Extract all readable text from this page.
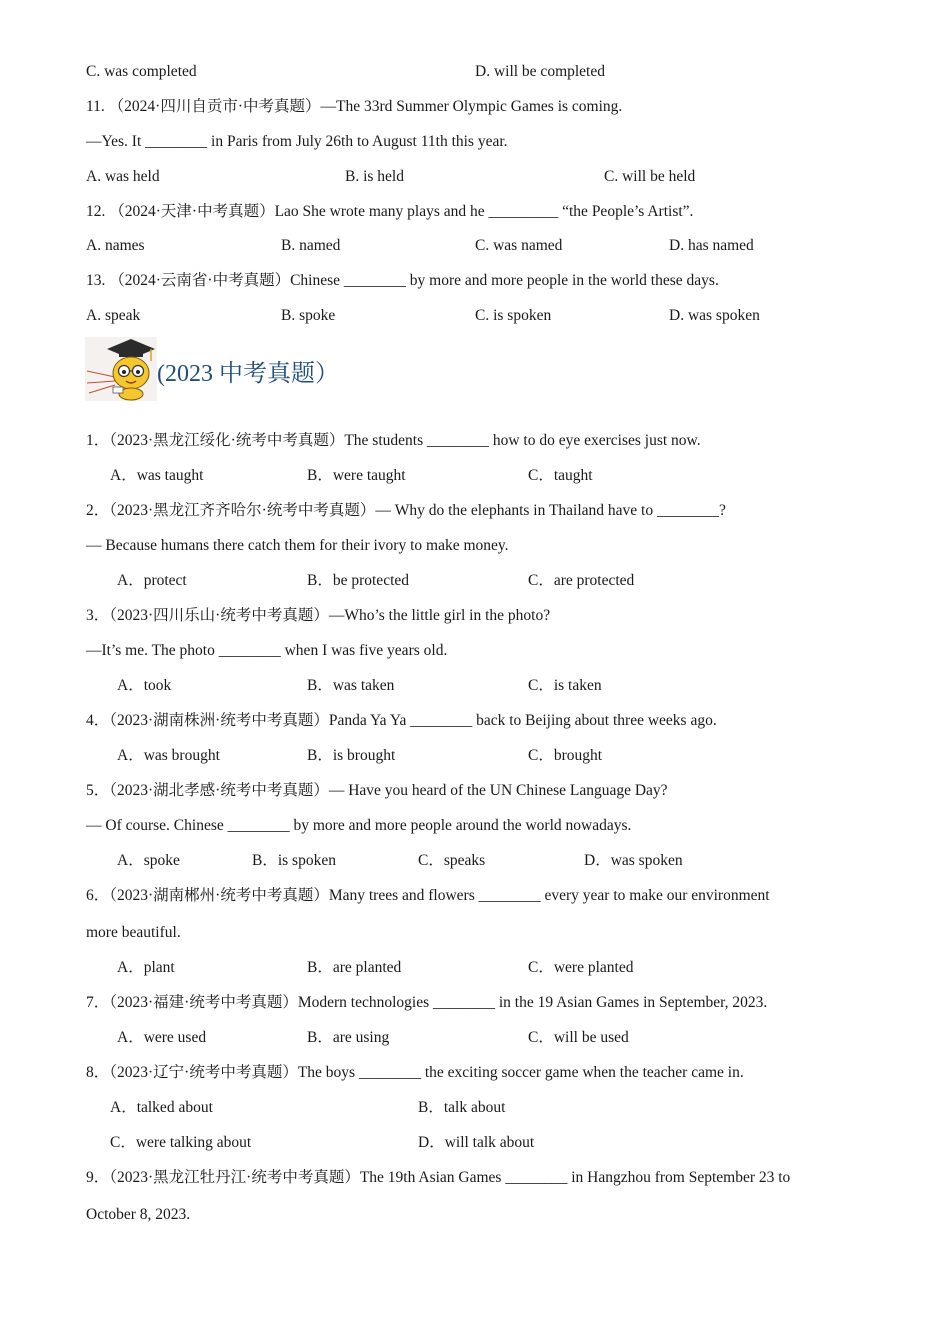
C. was completed	D. will be completed
11. （2024·四川自贡市·中考真题）—The 33rd Summer Olympic Games is coming.
—Yes. It ________ in Paris from July 26th to August 11th this year.
A. was held	B. is held	C. will be held
12. （2024·天津·中考真题）Lao She wrote many plays and he _________ “the People’s Artist”.
A. names	B. named	C. was named	D. has named
13. （2024·云南省·中考真题）Chinese ________ by more and more people in the world these days.
A. speak	B. spoke	C. is spoken	D. was spoken
(2023 中考真题）
1．（2023·黑龙江绥化·统考中考真题）The students ________ how to do eye exercises just now.
A．was taught	B．were taught	C．taught
2．（2023·黑龙江齐齐哈尔·统考中考真题）— Why do the elephants in Thailand have to ________?
— Because humans there catch them for their ivory to make money.
A．protect	B．be protected	C．are protected
3．（2023·四川乐山·统考中考真题）—Who’s the little girl in the photo?
—It’s me. The photo ________ when I was five years old.
A．took	B．was taken	C．is taken
4．（2023·湖南株洲·统考中考真题）Panda Ya Ya ________ back to Beijing about three weeks ago.
A．was brought	B．is brought	C．brought
5．（2023·湖北孝感·统考中考真题）— Have you heard of the UN Chinese Language Day?
— Of course. Chinese ________ by more and more people around the world nowadays.
A．spoke	B．is spoken	C．speaks	D．was spoken
6．（2023·湖南郴州·统考中考真题）Many trees and flowers ________ every year to make our environment
more beautiful.
A．plant	B．are planted	C．were planted
7．（2023·福建·统考中考真题）Modern technologies ________ in the 19 Asian Games in September, 2023.
A．were used	B．are using	C．will be used
8．（2023·辽宁·统考中考真题）The boys ________ the exciting soccer game when the teacher came in.
A．talked about	B．talk about
C．were talking about	D．will talk about
9．（2023·黑龙江牡丹江·统考中考真题）The 19th Asian Games ________ in Hangzhou from September 23 to
October 8, 2023.
